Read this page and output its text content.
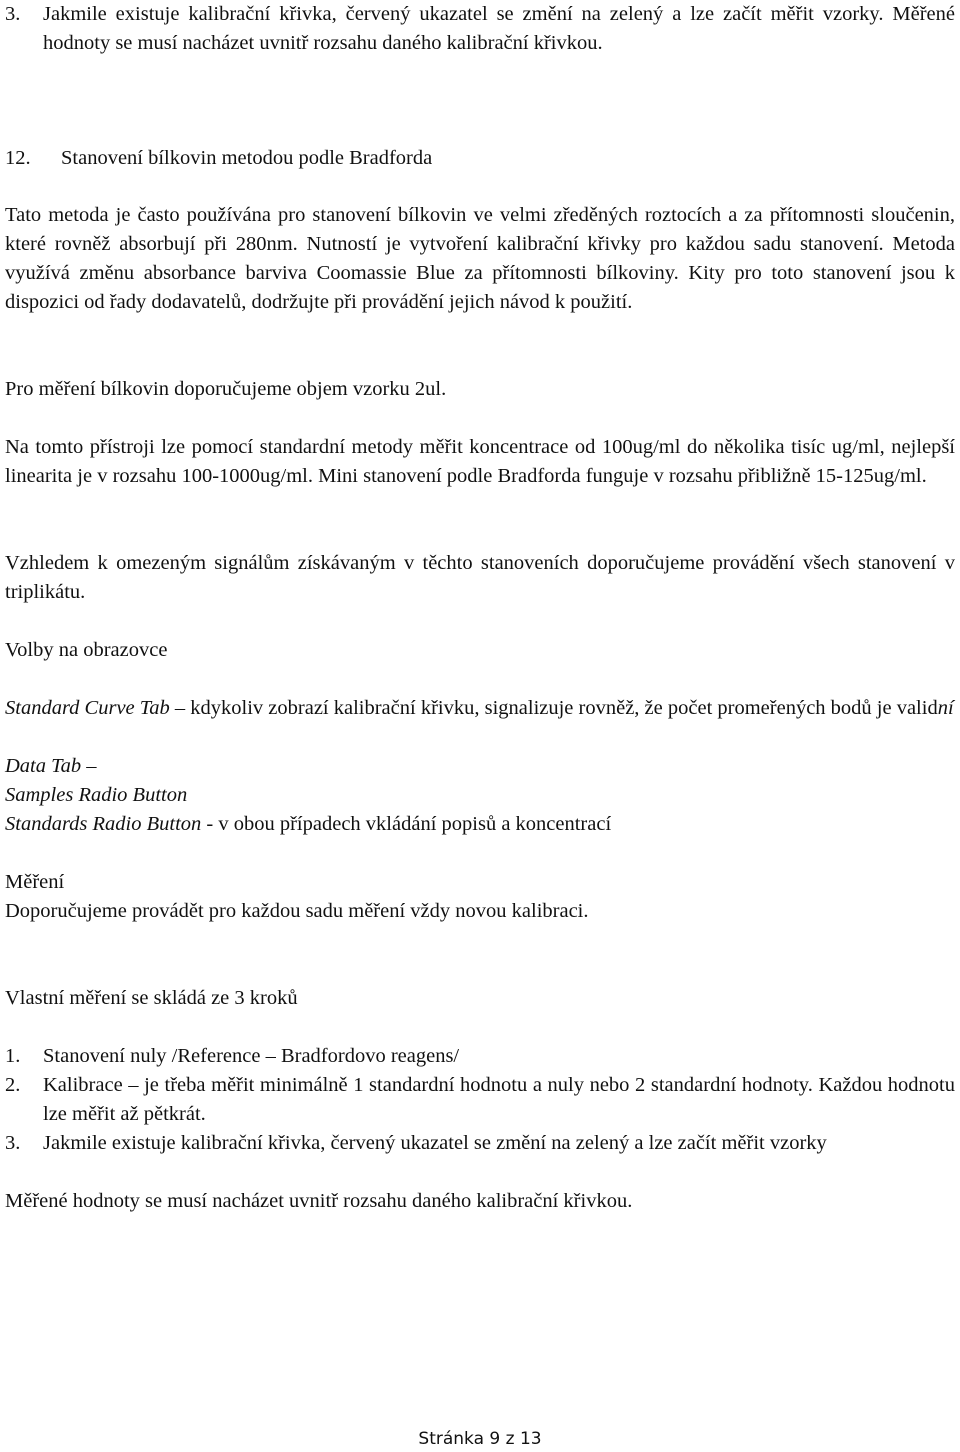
3. Jakmile existuje kalibrační křivka, červený ukazatel se změní na zelený a lze začít měřit vzorky. Měřené hodnoty se musí nacházet uvnitř rozsahu daného kalibrační křivkou.

12. Stanovení bílkovin metodou podle Bradforda

Tato metoda je často používána pro stanovení bílkovin ve velmi zředěných roztocích a za přítomnosti sloučenin, které rovněž absorbují při 280nm. Nutností je vytvoření kalibrační křivky pro každou sadu stanovení. Metoda využívá změnu absorbance barviva Coomassie Blue za přítomnosti bílkoviny. Kity pro toto stanovení jsou k dispozici od řady dodavatelů, dodržujte při provádění jejich návod k použití.

Pro měření bílkovin doporučujeme objem vzorku 2ul.

Na tomto přístroji lze pomocí standardní metody měřit koncentrace od 100ug/ml do několika tisíc ug/ml, nejlepší linearita je v rozsahu 100-1000ug/ml. Mini stanovení podle Bradforda funguje v rozsahu přibližně 15-125ug/ml.

Vzhledem k omezeným signálům získávaným v těchto stanoveních doporučujeme provádění všech stanovení v triplikátu.

Volby na obrazovce

Standard Curve Tab – kdykoliv zobrazí kalibrační křivku, signalizuje rovněž, že počet promeřených bodů je validní

Data Tab –

Samples Radio Button

Standards Radio Button - v obou případech vkládání popisů a koncentrací

Měření

Doporučujeme provádět pro každou sadu měření vždy novou kalibraci.

Vlastní měření se skládá ze 3 kroků

1. Stanovení nuly /Reference – Bradfordovo reagens/

2. Kalibrace – je třeba měřit minimálně 1 standardní hodnotu a nuly nebo 2 standardní hodnoty. Každou hodnotu lze měřit až pětkrát.

3. Jakmile existuje kalibrační křivka, červený ukazatel se změní na zelený a lze začít měřit vzorky

Měřené hodnoty se musí nacházet uvnitř rozsahu daného kalibrační křivkou.

Stránka 9 z 13
